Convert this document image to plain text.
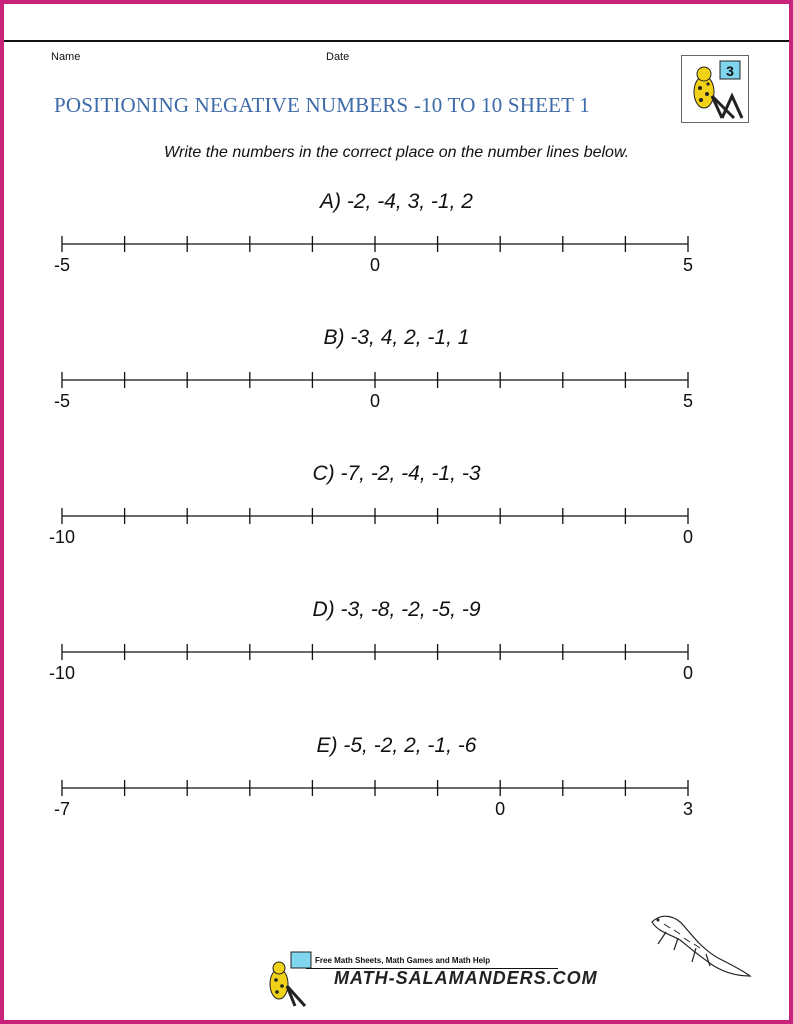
Name	Date
POSITIONING NEGATIVE NUMBERS -10 TO 10 SHEET 1
3
Write the numbers in the correct place on the number lines below.
A) -2, -4, 3, -1, 2
-5	0	5
B) -3, 4, 2, -1, 1
-5	0	5
C) -7, -2, -4, -1, -3
-10	0
D) -3, -8, -2, -5, -9
-10	0
E) -5, -2, 2, -1, -6
-7	0	3
Free Math Sheets, Math Games and Math Help
MATH-SALAMANDERS.COM
